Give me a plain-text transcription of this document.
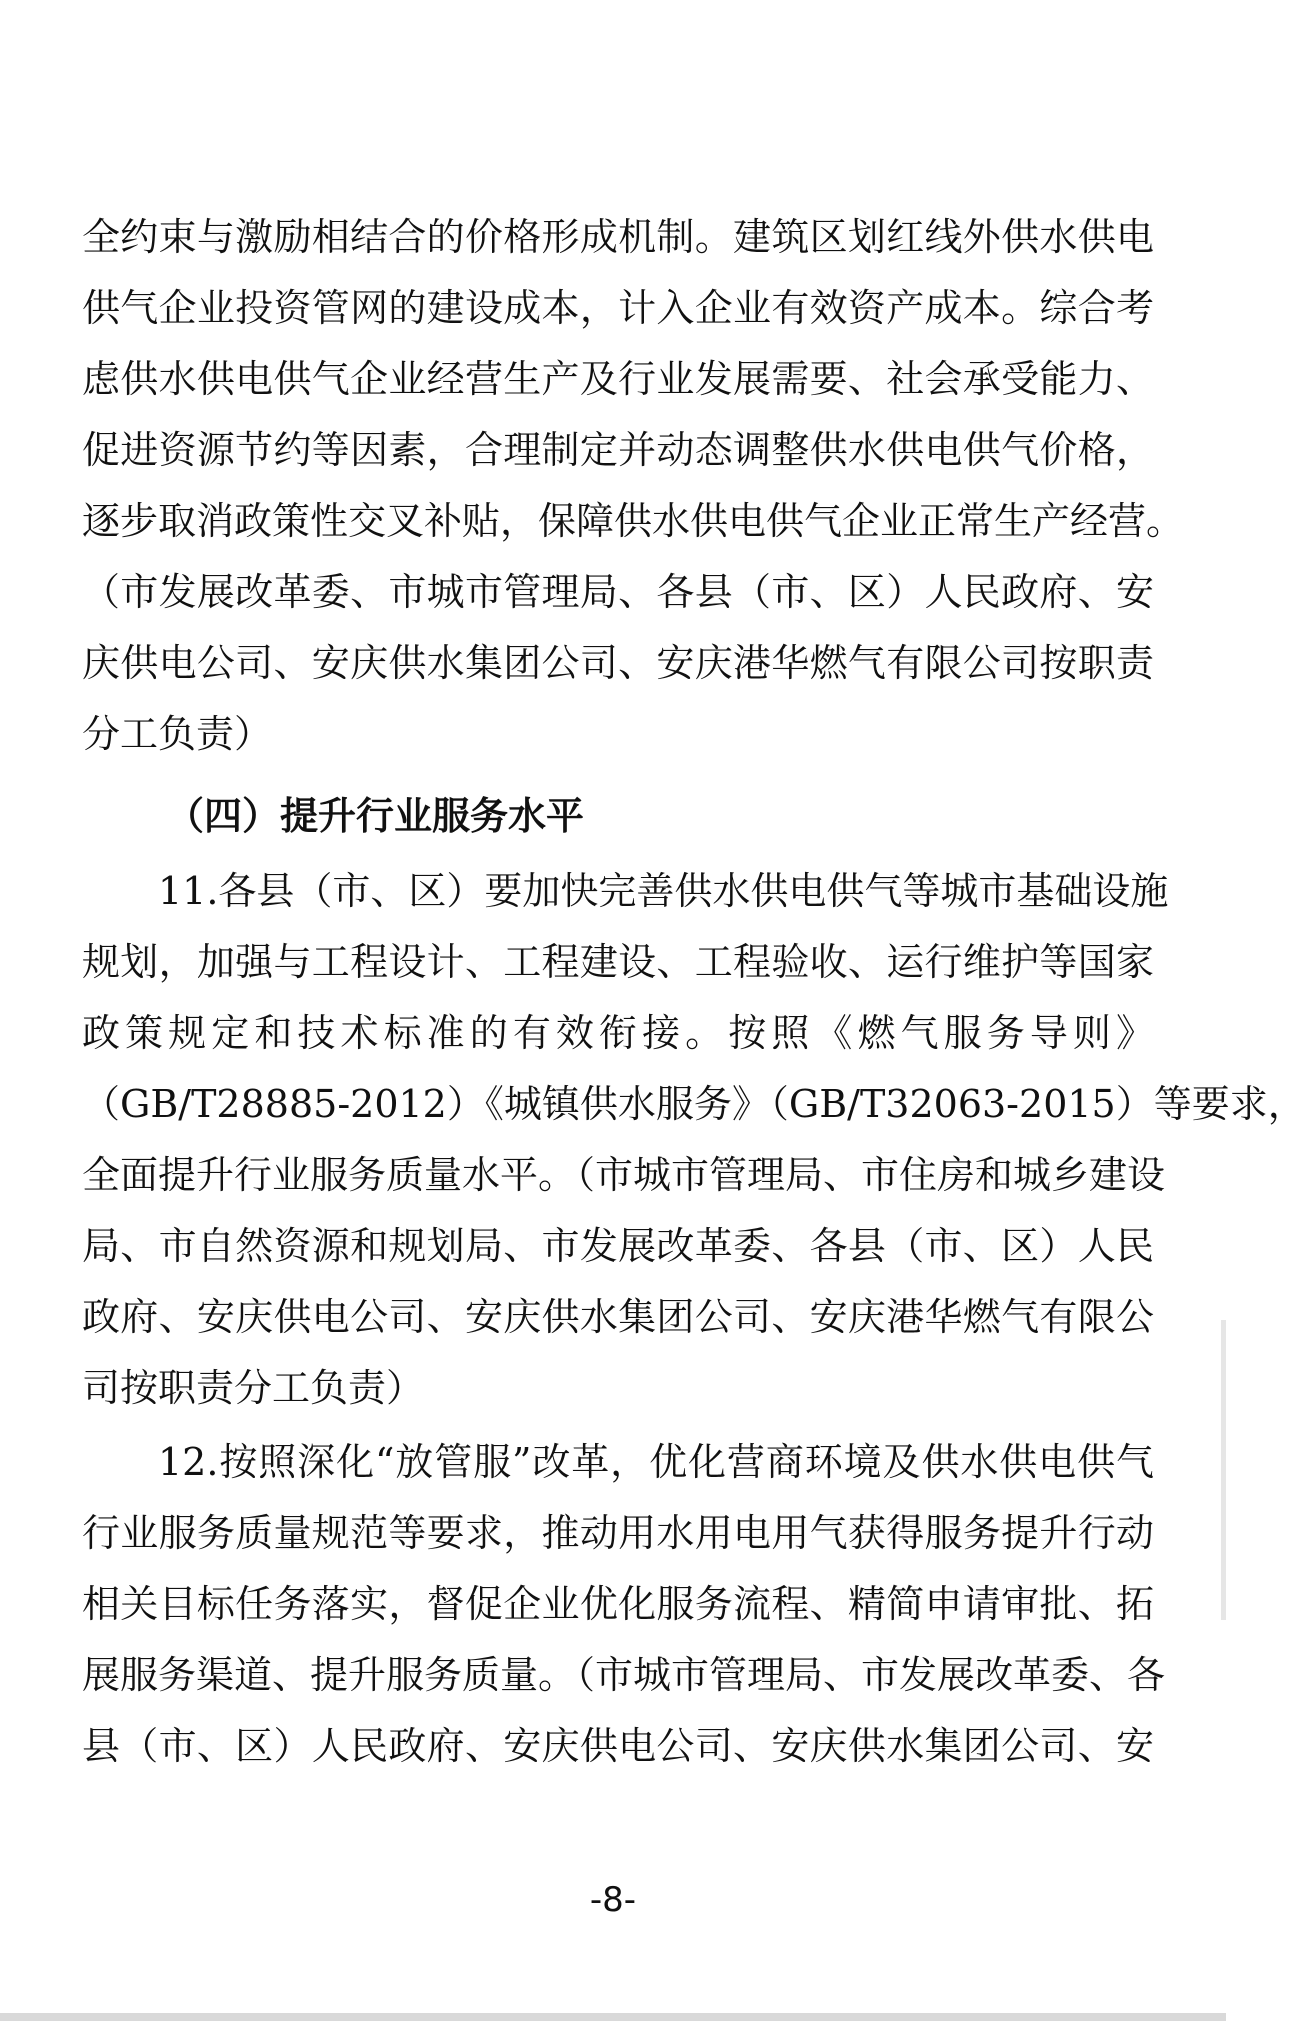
全约束与激励相结合的价格形成机制。建筑区划红线外供水供电
供气企业投资管网的建设成本，计入企业有效资产成本。综合考
虑供水供电供气企业经营生产及行业发展需要、社会承受能力、
促进资源节约等因素，合理制定并动态调整供水供电供气价格，
逐步取消政策性交叉补贴，保障供水供电供气企业正常生产经营。
（市发展改革委、市城市管理局、各县（市、区）人民政府、安
庆供电公司、安庆供水集团公司、安庆港华燃气有限公司按职责
分工负责）
（四）提升行业服务水平
11.各县（市、区）要加快完善供水供电供气等城市基础设施
规划，加强与工程设计、工程建设、工程验收、运行维护等国家
政策规定和技术标准的有效衔接。按照《燃气服务导则》
（GB/T28885-2012）《城镇供水服务》（GB/T32063-2015）等要求，
全面提升行业服务质量水平。（市城市管理局、市住房和城乡建设
局、市自然资源和规划局、市发展改革委、各县（市、区）人民
政府、安庆供电公司、安庆供水集团公司、安庆港华燃气有限公
司按职责分工负责）
12.按照深化“放管服”改革，优化营商环境及供水供电供气
行业服务质量规范等要求，推动用水用电用气获得服务提升行动
相关目标任务落实，督促企业优化服务流程、精简申请审批、拓
展服务渠道、提升服务质量。（市城市管理局、市发展改革委、各
县（市、区）人民政府、安庆供电公司、安庆供水集团公司、安
-8-
